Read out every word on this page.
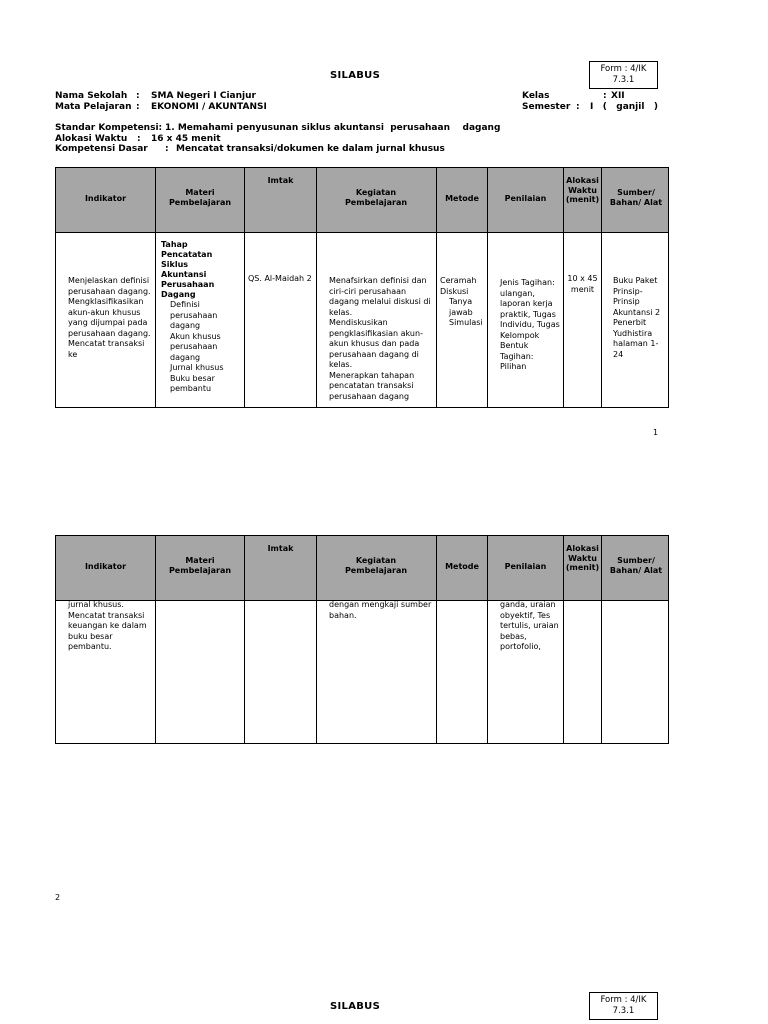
SILABUS
Form : 4/IK
7.3.1
Nama Sekolah : SMA Negeri I Cianjur
Mata Pelajaran : EKONOMI / AKUNTANSI
Kelas	: XII
Semester : I   (   ganjil   )
Standar Kompetensi: 1. Memahami penyusunan siklus akuntansi  perusahaan    dagang
Alokasi Waktu : 16 x 45 menit
Kompetensi Dasar : Mencatat transaksi/dokumen ke dalam jurnal khusus
Indikator
Materi Pembelajaran
Imtak
Kegiatan Pembelajaran	Metode	Penilaian
Alokasi Waktu (menit)
Sumber/ Bahan/ Alat
• Menjelaskan definisi perusahaan dagang.
• Mengklasifikasikan akun-akun khusus yang dijumpai pada perusahaan dagang.
• Mencatat transaksi ke
Tahap Pencatatan Siklus Akuntansi Perusahaan Dagang
• Definisi perusahaan dagang
• Akun khusus perusahaan dagang
• Jurnal khusus
• Buku besar pembantu
QS. Al-Maidah 2
• Menafsirkan definisi dan ciri-ciri perusahaan dagang melalui diskusi di kelas.
• Mendiskusikan pengklasifikasian akun-akun khusus dan pada perusahaan dagang di kelas.
• Menerapkan tahapan pencatatan transaksi perusahaan dagang
Ceramah Diskusi
• Tanya jawab
• Simulasi
• Jenis Tagihan: ulangan, laporan kerja praktik, Tugas Individu, Tugas Kelompok
• Bentuk Tagihan: Pilihan
10 x 45 menit
• Buku Paket Prinsip-Prinsip Akuntansi 2 Penerbit Yudhistira halaman 1-24
1
Indikator
Materi Pembelajaran
Imtak
Kegiatan Pembelajaran	Metode	Penilaian
Alokasi Waktu (menit)
Sumber/ Bahan/ Alat
jurnal khusus.
• Mencatat transaksi keuangan ke dalam buku besar pembantu.
dengan mengkaji sumber bahan.
ganda, uraian obyektif, Tes tertulis, uraian bebas, portofolio,
2
SILABUS
Form : 4/IK
7.3.1
